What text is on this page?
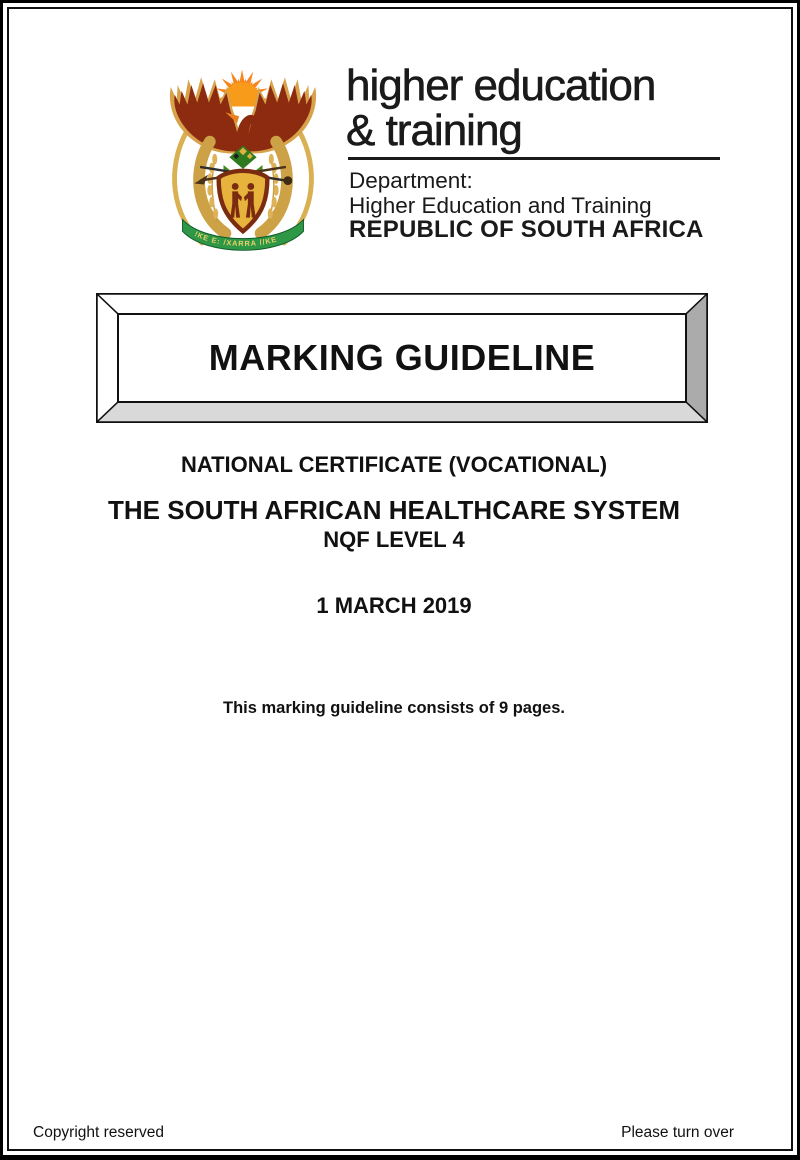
!KE E: /XARRA //KE
higher education
& training
Department:
Higher Education and Training
REPUBLIC OF SOUTH AFRICA
MARKING GUIDELINE
NATIONAL CERTIFICATE (VOCATIONAL)
THE SOUTH AFRICAN HEALTHCARE SYSTEM
NQF LEVEL 4
1 MARCH 2019
This marking guideline consists of 9 pages.
Copyright reserved	Please turn over
